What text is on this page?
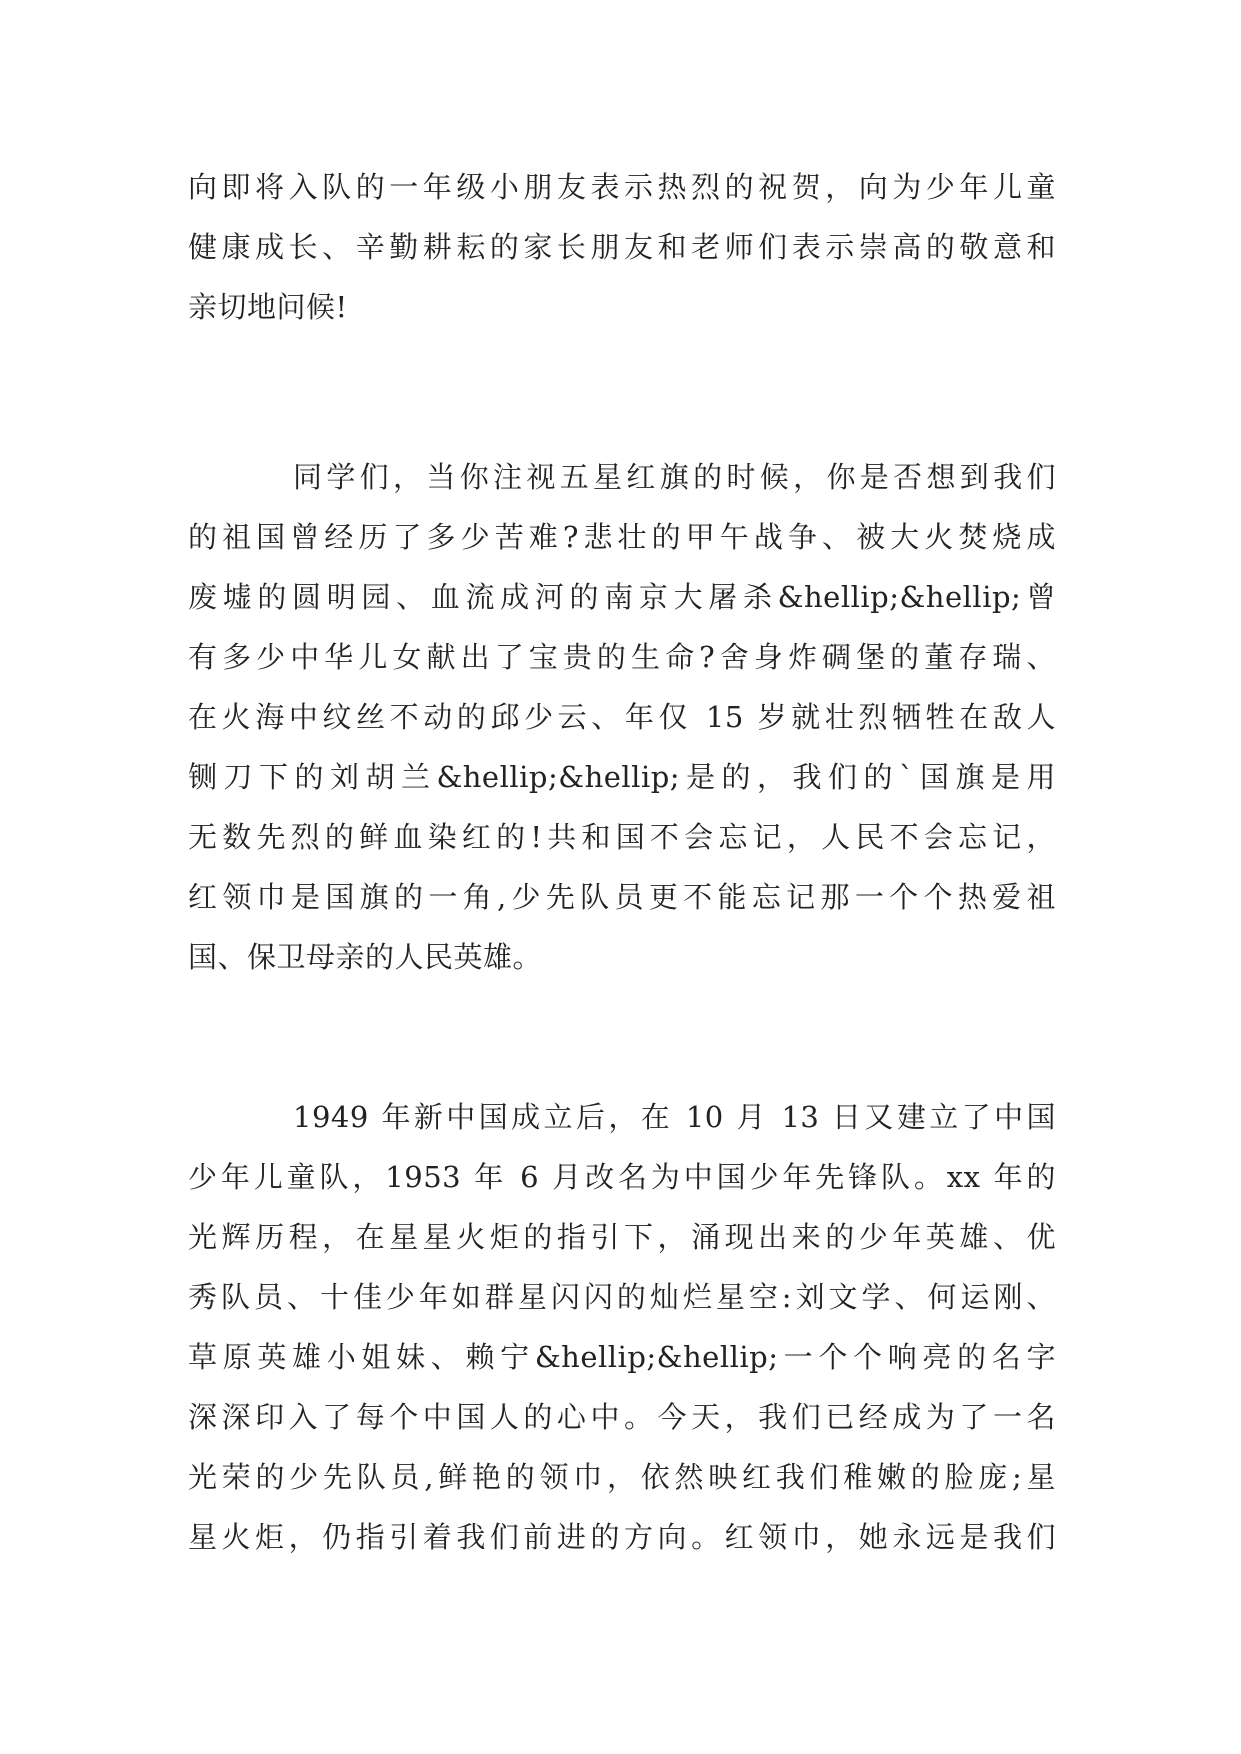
向即将入队的一年级小朋友表示热烈的祝贺，向为少年儿童
健康成长、辛勤耕耘的家长朋友和老师们表示崇高的敬意和
亲切地问候!
同学们，当你注视五星红旗的时候，你是否想到我们
的祖国曾经历了多少苦难?悲壮的甲午战争、被大火焚烧成
废墟的圆明园、血流成河的南京大屠杀&hellip;&hellip;曾
有多少中华儿女献出了宝贵的生命?舍身炸碉堡的董存瑞、
在火海中纹丝不动的邱少云、年仅 15 岁就壮烈牺牲在敌人
铡刀下的刘胡兰&hellip;&hellip;是的，我们的`国旗是用
无数先烈的鲜血染红的!共和国不会忘记，人民不会忘记，
红领巾是国旗的一角,少先队员更不能忘记那一个个热爱祖
国、保卫母亲的人民英雄。
1949 年新中国成立后，在 10 月 13 日又建立了中国
少年儿童队，1953 年 6 月改名为中国少年先锋队。xx 年的
光辉历程，在星星火炬的指引下，涌现出来的少年英雄、优
秀队员、十佳少年如群星闪闪的灿烂星空:刘文学、何运刚、
草原英雄小姐妹、赖宁&hellip;&hellip;一个个响亮的名字
深深印入了每个中国人的心中。今天，我们已经成为了一名
光荣的少先队员,鲜艳的领巾，依然映红我们稚嫩的脸庞;星
星火炬，仍指引着我们前进的方向。红领巾，她永远是我们
